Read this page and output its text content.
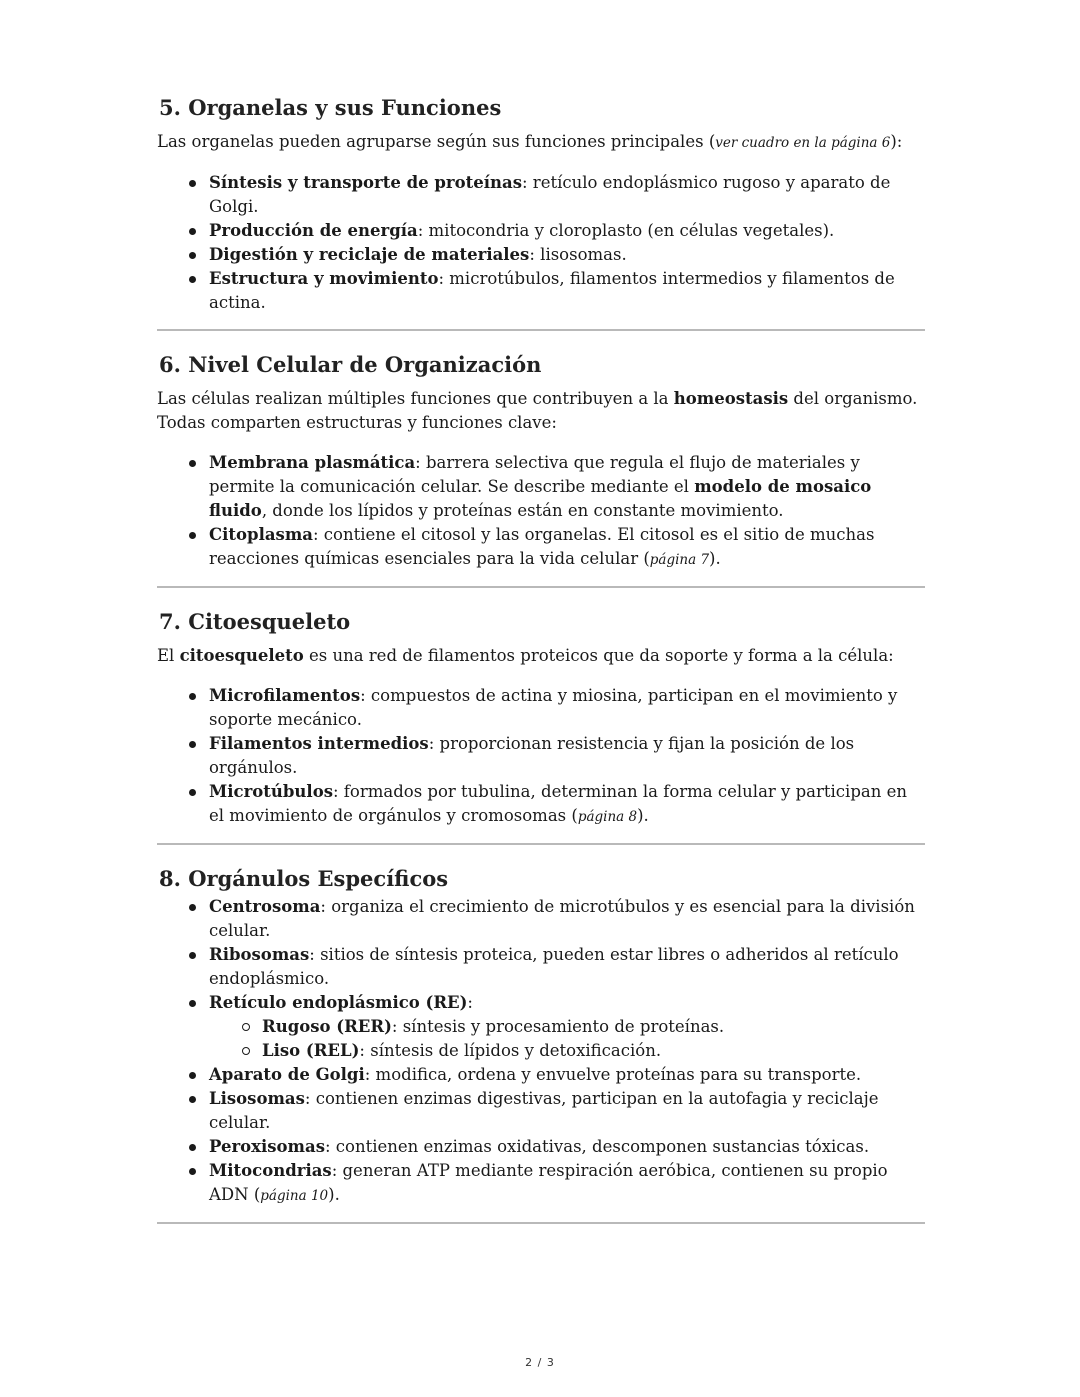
5. Organelas y sus Funciones

Las organelas pueden agruparse según sus funciones principales (ver cuadro en la página 6):

Síntesis y transporte de proteínas: retículo endoplásmico rugoso y aparato de Golgi.
Producción de energía: mitocondria y cloroplasto (en células vegetales).
Digestión y reciclaje de materiales: lisosomas.
Estructura y movimiento: microtúbulos, filamentos intermedios y filamentos de actina.
6. Nivel Celular de Organización

Las células realizan múltiples funciones que contribuyen a la homeostasis del organismo. Todas comparten estructuras y funciones clave:

Membrana plasmática: barrera selectiva que regula el flujo de materiales y permite la comunicación celular. Se describe mediante el modelo de mosaico fluido, donde los lípidos y proteínas están en constante movimiento.
Citoplasma: contiene el citosol y las organelas. El citosol es el sitio de muchas reacciones químicas esenciales para la vida celular (página 7).
7. Citoesqueleto

El citoesqueleto es una red de filamentos proteicos que da soporte y forma a la célula:

Microfilamentos: compuestos de actina y miosina, participan en el movimiento y soporte mecánico.
Filamentos intermedios: proporcionan resistencia y fijan la posición de los orgánulos.
Microtúbulos: formados por tubulina, determinan la forma celular y participan en el movimiento de orgánulos y cromosomas (página 8).
8. Orgánulos Específicos
Centrosoma: organiza el crecimiento de microtúbulos y es esencial para la división celular.
Ribosomas: sitios de síntesis proteica, pueden estar libres o adheridos al retículo endoplásmico.
Retículo endoplásmico (RE):
Rugoso (RER): síntesis y procesamiento de proteínas.
Liso (REL): síntesis de lípidos y detoxificación.
Aparato de Golgi: modifica, ordena y envuelve proteínas para su transporte.
Lisosomas: contienen enzimas digestivas, participan en la autofagia y reciclaje celular.
Peroxisomas: contienen enzimas oxidativas, descomponen sustancias tóxicas.
Mitocondrias: generan ATP mediante respiración aeróbica, contienen su propio ADN (página 10).
2 / 3
